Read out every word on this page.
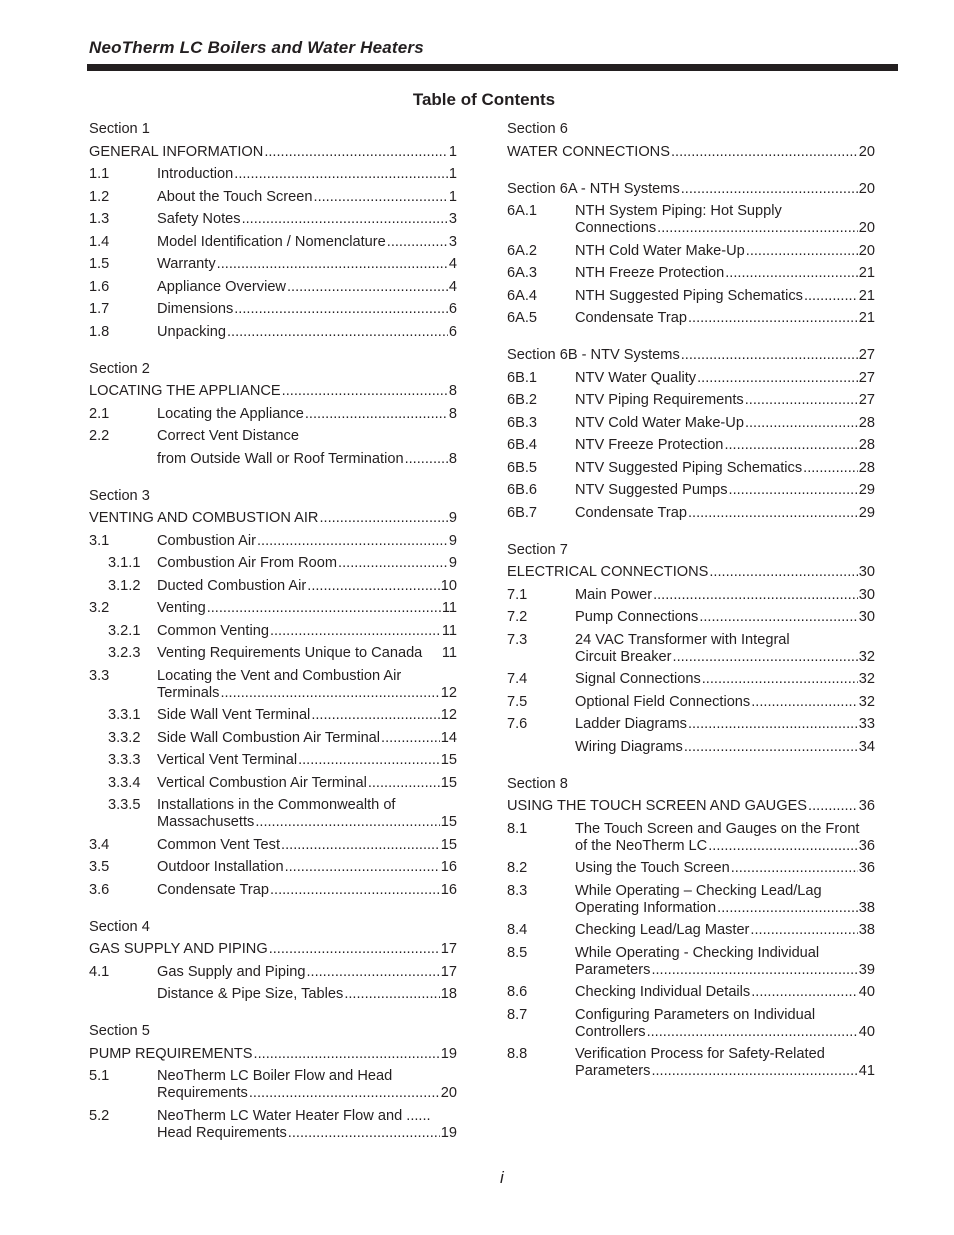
NeoTherm LC Boilers and Water Heaters
Table of Contents
Section 1
GENERAL INFORMATION .....	1
1.1	Introduction .....	1
1.2	About the Touch Screen .....	1
1.3	Safety Notes .....	3
1.4	Model Identification / Nomenclature .....	3
1.5	Warranty .....	4
1.6	Appliance Overview .....	4
1.7	Dimensions .....	6
1.8	Unpacking .....	6
Section 2
LOCATING THE APPLIANCE .....	8
2.1	Locating the Appliance .....	8
2.2	Correct Vent Distance
from Outside Wall or Roof Termination .....	8
Section 3
VENTING AND COMBUSTION AIR .....	9
3.1	Combustion Air .....	9
3.1.1 Combustion Air From Room .....	9
3.1.2 Ducted Combustion Air .....	10
3.2	Venting .....	11
3.2.1 Common Venting .....	11
3.2.3 Venting Requirements Unique to Canada 11
3.3	Locating the Vent and Combustion Air
Terminals .....	12
3.3.1 Side Wall Vent Terminal .....	12
3.3.2 Side Wall Combustion Air Terminal .....	14
3.3.3 Vertical Vent Terminal .....	15
3.3.4 Vertical Combustion Air Terminal .....	15
3.3.5 Installations in the Commonwealth of
Massachusetts .....	15
3.4	Common Vent Test .....	15
3.5	Outdoor Installation .....	16
3.6	Condensate Trap .....	16
Section 4
GAS SUPPLY AND PIPING .....	17
4.1	Gas Supply and Piping .....	17
Distance & Pipe Size, Tables .....	18
Section 5
PUMP REQUIREMENTS .....	19
5.1	NeoTherm LC Boiler Flow and Head
Requirements .....	20
5.2	NeoTherm LC Water Heater Flow and ......
Head Requirements .....	19
Section 6
WATER CONNECTIONS .....	20
Section 6A - NTH Systems .....	20
6A.1	NTH System Piping: Hot Supply
Connections .....	20
6A.2	NTH Cold Water Make-Up .....	20
6A.3	NTH Freeze Protection .....	21
6A.4	NTH Suggested Piping Schematics .....	21
6A.5	Condensate Trap .....	21
Section 6B - NTV Systems .....	27
6B.1	NTV Water Quality .....	27
6B.2	NTV Piping Requirements .....	27
6B.3	NTV Cold Water Make-Up .....	28
6B.4	NTV Freeze Protection .....	28
6B.5	NTV Suggested Piping Schematics .....	28
6B.6	NTV Suggested Pumps .....	29
6B.7	Condensate Trap .....	29
Section 7
ELECTRICAL CONNECTIONS .....	30
7.1	Main Power .....	30
7.2	Pump Connections .....	30
7.3	24 VAC Transformer with Integral
Circuit Breaker .....	32
7.4	Signal Connections .....	32
7.5	Optional Field Connections .....	32
7.6	Ladder Diagrams .....	33
Wiring Diagrams .....	34
Section 8
USING THE TOUCH SCREEN AND GAUGES .....	36
8.1	The Touch Screen and Gauges on the Front
of the NeoTherm LC .....	36
8.2	Using the Touch Screen .....	36
8.3	While Operating – Checking Lead/Lag
Operating Information .....	38
8.4	Checking Lead/Lag Master .....	38
8.5	While Operating - Checking Individual
Parameters .....	39
8.6	Checking Individual Details .....	40
8.7	Configuring Parameters on Individual
Controllers .....	40
8.8	Verification Process for Safety-Related
Parameters .....	41
i
